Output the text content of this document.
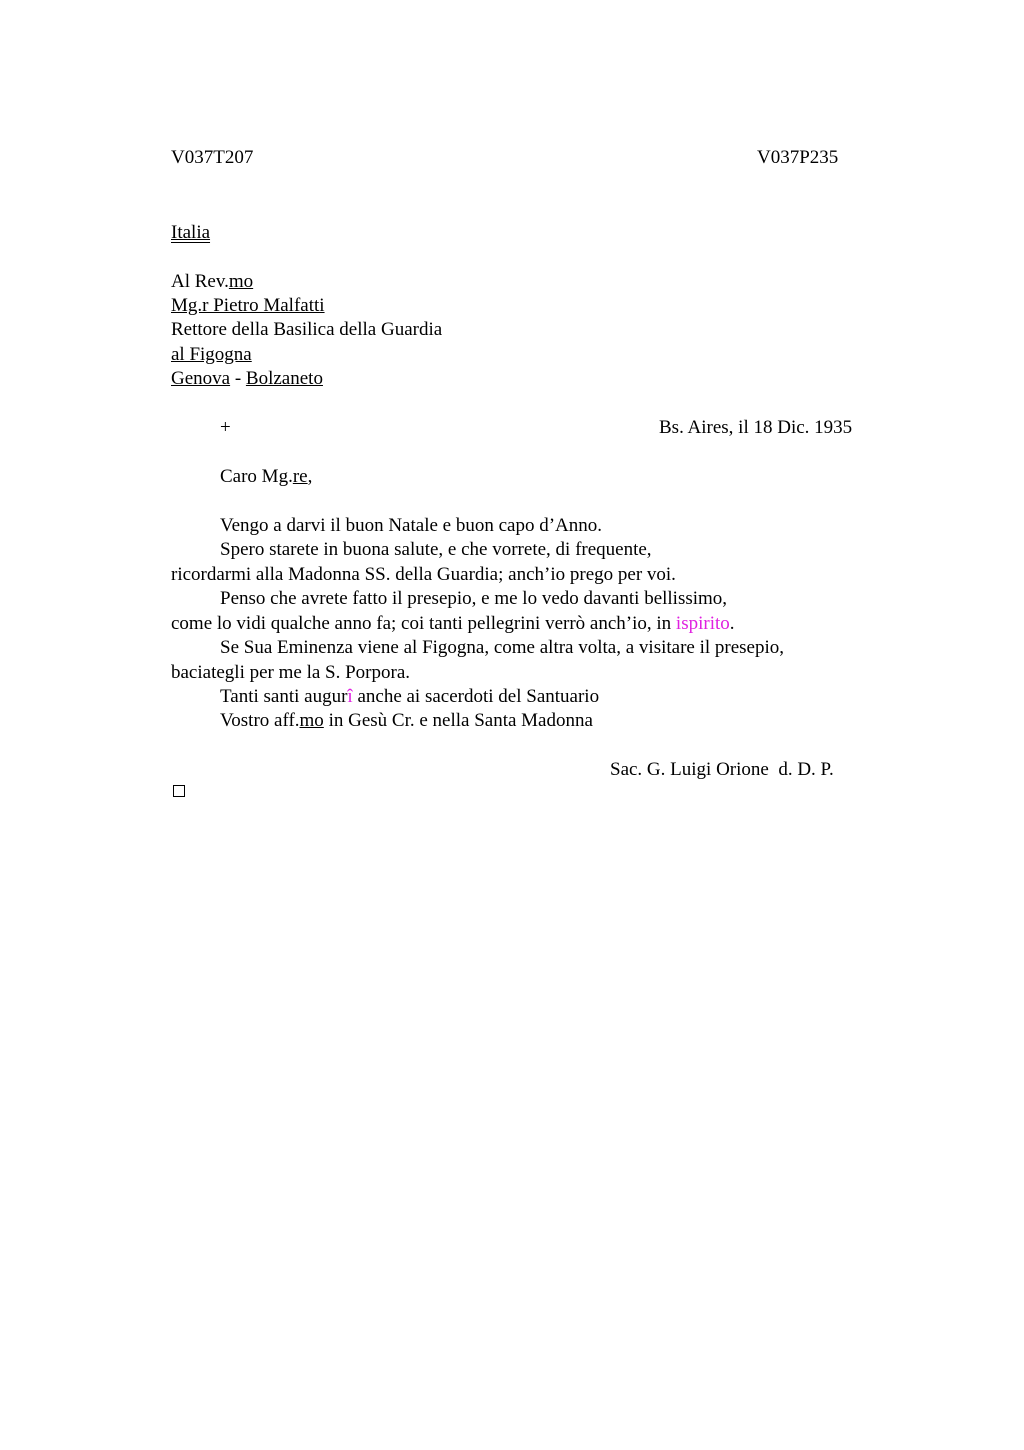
V037T207	V037P235
Italia
Al Rev.mo
Mg.r Pietro Malfatti
Rettore della Basilica della Guardia
al Figogna
Genova - Bolzaneto
+	Bs. Aires, il 18 Dic. 1935
Caro Mg.re,
Vengo a darvi il buon Natale e buon capo d’Anno.
Spero starete in buona salute, e che vorrete, di frequente,
ricordarmi alla Madonna SS. della Guardia; anch’io prego per voi.
Penso che avrete fatto il presepio, e me lo vedo davanti bellissimo,
come lo vidi qualche anno fa; coi tanti pellegrini verrò anch’io, in ispirito.
Se Sua Eminenza viene al Figogna, come altra volta, a visitare il presepio,
baciategli per me la S. Porpora.
Tanti santi augurî anche ai sacerdoti del Santuario
Vostro aff.mo in Gesù Cr. e nella Santa Madonna
Sac. G. Luigi Orione  d. D. P.
